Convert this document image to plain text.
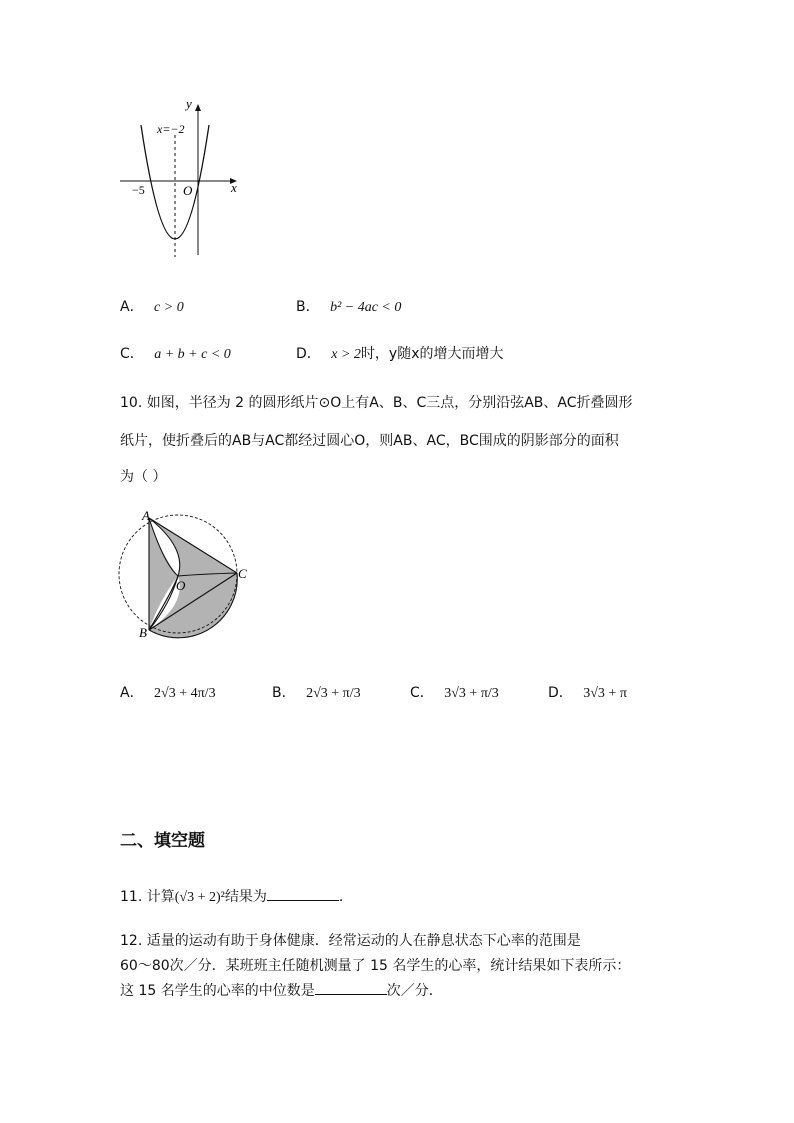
y
x
O
x=−2
−5
A． c > 0	B． b² − 4ac < 0
C． a + b + c < 0	D． x > 2时，y随x的增大而增大
10. 如图，半径为 2 的圆形纸片⊙O上有A、B、C三点，分别沿弦AB、AC折叠圆形
纸片，使折叠后的AB与AC都经过圆心O，则AB、AC，BC围成的阴影部分的面积
为（ ）
A
B
C
O
A． 2√3 + 4π/3	B． 2√3 + π/3	C． 3√3 + π/3	D． 3√3 + π
二、填空题
11. 计算(√3 + 2)²结果为	.
12. 适量的运动有助于身体健康．经常运动的人在静息状态下心率的范围是
60～80次／分．某班班主任随机测量了 15 名学生的心率，统计结果如下表所示：
这 15 名学生的心率的中位数是	次／分．
